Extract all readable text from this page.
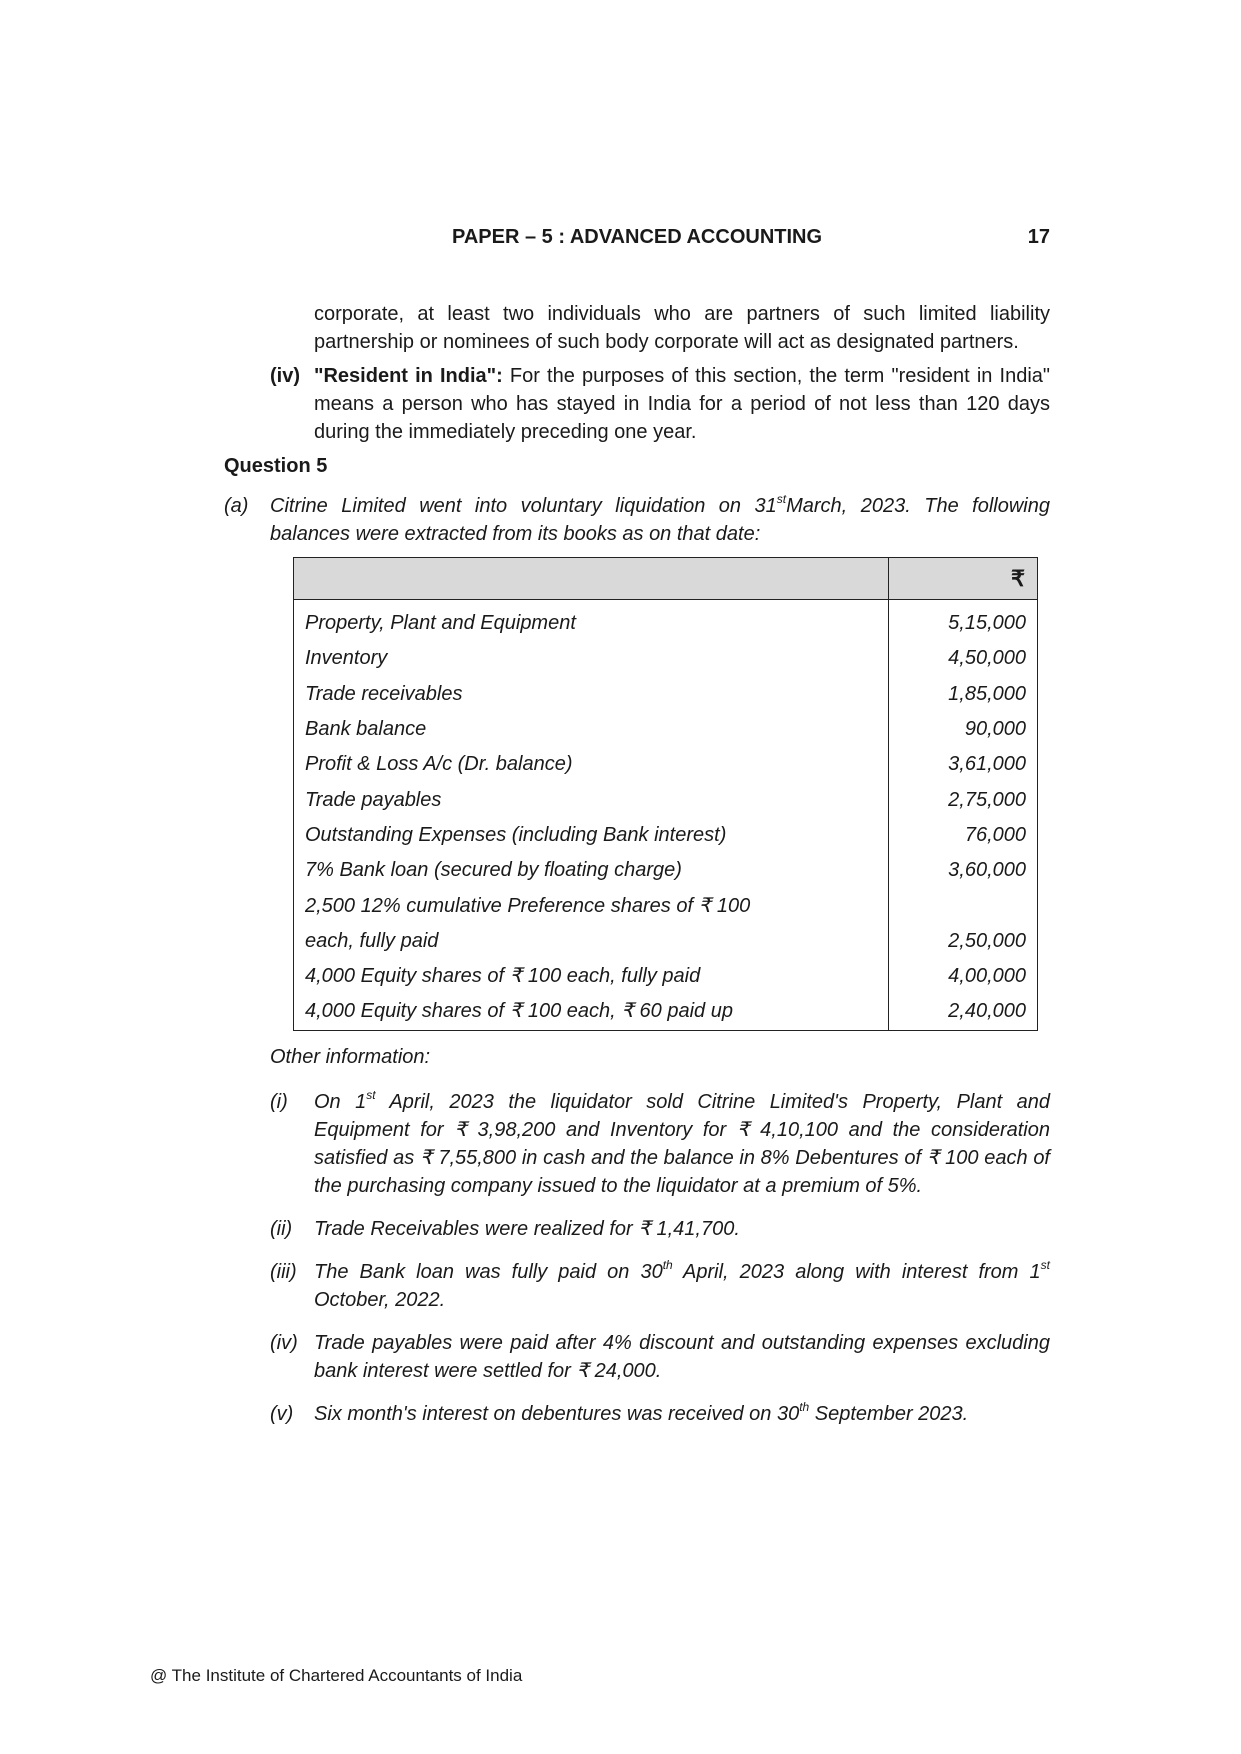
PAPER – 5 : ADVANCED ACCOUNTING	17

corporate, at least two individuals who are partners of such limited liability partnership or nominees of such body corporate will act as designated partners.

(iv) "Resident in India": For the purposes of this section, the term "resident in India" means a person who has stayed in India for a period of not less than 120 days during the immediately preceding one year.
Question 5
(a) Citrine Limited went into voluntary liquidation on 31stMarch, 2023. The following balances were extracted from its books as on that date:
	₹
Property, Plant and Equipment	5,15,000
Inventory	4,50,000
Trade receivables	1,85,000
Bank balance	90,000
Profit & Loss A/c (Dr. balance)	3,61,000
Trade payables	2,75,000
Outstanding Expenses (including Bank interest)	76,000
7% Bank loan (secured by floating charge)	3,60,000
2,500 12% cumulative Preference shares of ₹ 100	
each, fully paid	2,50,000
4,000 Equity shares of ₹ 100 each, fully paid	4,00,000
4,000 Equity shares of ₹ 100 each, ₹ 60 paid up	2,40,000
Other information:
(i) On 1st April, 2023 the liquidator sold Citrine Limited's Property, Plant and Equipment for ₹ 3,98,200 and Inventory for ₹ 4,10,100 and the consideration satisfied as ₹ 7,55,800 in cash and the balance in 8% Debentures of ₹ 100 each of the purchasing company issued to the liquidator at a premium of 5%.
(ii) Trade Receivables were realized for ₹ 1,41,700.
(iii) The Bank loan was fully paid on 30th April, 2023 along with interest from 1st October, 2022.
(iv) Trade payables were paid after 4% discount and outstanding expenses excluding bank interest were settled for ₹ 24,000.
(v) Six month's interest on debentures was received on 30th September 2023.
@ The Institute of Chartered Accountants of India
